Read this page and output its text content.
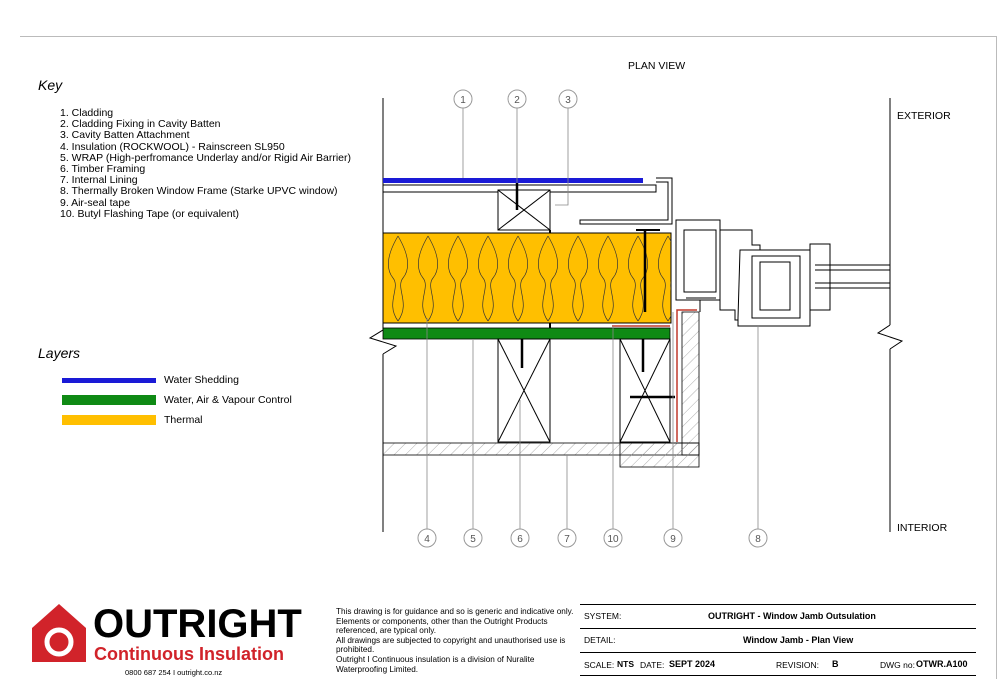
PLAN VIEW
Key
1. Cladding
2. Cladding Fixing in Cavity Batten
3. Cavity Batten Attachment
4. Insulation (ROCKWOOL) - Rainscreen SL950
5. WRAP (High-perfromance Underlay and/or Rigid Air Barrier)
6. Timber Framing
7. Internal Lining
8. Thermally Broken Window Frame (Starke UPVC window)
9. Air-seal tape
10. Butyl Flashing Tape (or equivalent)
Layers
Water Shedding
Water, Air & Vapour Control
Thermal
1	2	3
4	5	6	7	10	9	8
EXTERIOR
INTERIOR
OUTRIGHT
Continuous Insulation
0800 687 254 I outright.co.nz
This drawing is for guidance and so is generic and indicative only.
Elements or components, other than the Outright Products
referenced, are typical only.
All drawings are subjected to copyright and unauthorised use is
prohibited.
Outright I Continuous insulation is a division of Nuralite
Waterproofing Limited.
SYSTEM:	OUTRIGHT - Window Jamb Outsulation
DETAIL:	Window Jamb - Plan View
SCALE: NTS DATE: SEPT 2024	REVISION: B	DWG no: OTWR.A100
